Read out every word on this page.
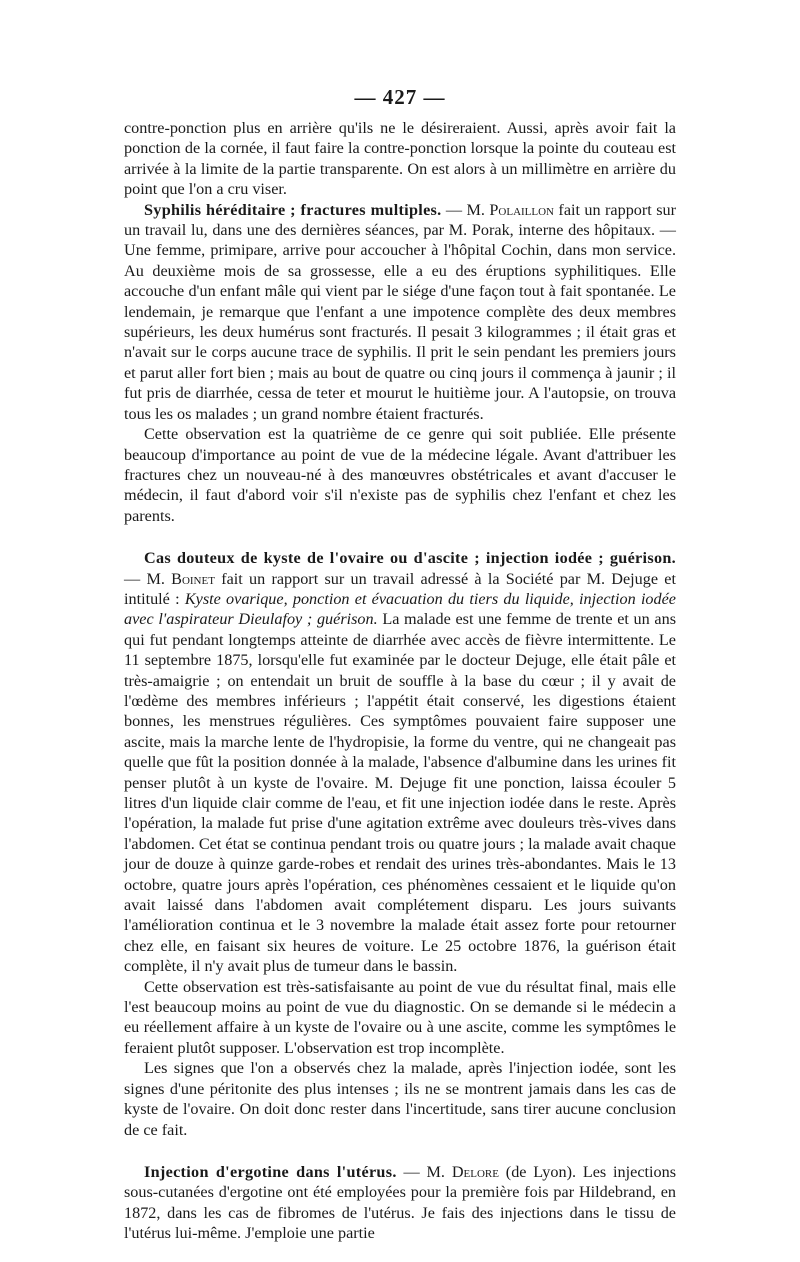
— 427 —

contre-ponction plus en arrière qu'ils ne le désireraient. Aussi, après avoir fait la ponction de la cornée, il faut faire la contre-ponction lorsque la pointe du couteau est arrivée à la limite de la partie transparente. On est alors à un millimètre en arrière du point que l'on a cru viser.

Syphilis héréditaire ; fractures multiples. — M. Polaillon fait un rapport sur un travail lu, dans une des dernières séances, par M. Porak, interne des hôpitaux. — Une femme, primipare, arrive pour accoucher à l'hôpital Cochin, dans mon service. Au deuxième mois de sa grossesse, elle a eu des éruptions syphilitiques. Elle accouche d'un enfant mâle qui vient par le siége d'une façon tout à fait spontanée. Le lendemain, je remarque que l'enfant a une impotence complète des deux membres supérieurs, les deux humérus sont fracturés. Il pesait 3 kilogrammes ; il était gras et n'avait sur le corps aucune trace de syphilis. Il prit le sein pendant les premiers jours et parut aller fort bien ; mais au bout de quatre ou cinq jours il commença à jaunir ; il fut pris de diarrhée, cessa de teter et mourut le huitième jour. A l'autopsie, on trouva tous les os malades ; un grand nombre étaient fracturés.

Cette observation est la quatrième de ce genre qui soit publiée. Elle présente beaucoup d'importance au point de vue de la médecine légale. Avant d'attribuer les fractures chez un nouveau-né à des manœuvres obstétricales et avant d'accuser le médecin, il faut d'abord voir s'il n'existe pas de syphilis chez l'enfant et chez les parents.

Cas douteux de kyste de l'ovaire ou d'ascite ; injection iodée ; guérison. — M. Boinet fait un rapport sur un travail adressé à la Société par M. Dejuge et intitulé : Kyste ovarique, ponction et évacuation du tiers du liquide, injection iodée avec l'aspirateur Dieulafoy ; guérison. La malade est une femme de trente et un ans qui fut pendant longtemps atteinte de diarrhée avec accès de fièvre intermittente. Le 11 septembre 1875, lorsqu'elle fut examinée par le docteur Dejuge, elle était pâle et très-amaigrie ; on entendait un bruit de souffle à la base du cœur ; il y avait de l'œdème des membres inférieurs ; l'appétit était conservé, les digestions étaient bonnes, les menstrues régulières. Ces symptômes pouvaient faire supposer une ascite, mais la marche lente de l'hydropisie, la forme du ventre, qui ne changeait pas quelle que fût la position donnée à la malade, l'absence d'albumine dans les urines fit penser plutôt à un kyste de l'ovaire. M. Dejuge fit une ponction, laissa écouler 5 litres d'un liquide clair comme de l'eau, et fit une injection iodée dans le reste. Après l'opération, la malade fut prise d'une agitation extrême avec douleurs très-vives dans l'abdomen. Cet état se continua pendant trois ou quatre jours ; la malade avait chaque jour de douze à quinze garde-robes et rendait des urines très-abondantes. Mais le 13 octobre, quatre jours après l'opération, ces phénomènes cessaient et le liquide qu'on avait laissé dans l'abdomen avait complétement disparu. Les jours suivants l'amélioration continua et le 3 novembre la malade était assez forte pour retourner chez elle, en faisant six heures de voiture. Le 25 octobre 1876, la guérison était complète, il n'y avait plus de tumeur dans le bassin.

Cette observation est très-satisfaisante au point de vue du résultat final, mais elle l'est beaucoup moins au point de vue du diagnostic. On se demande si le médecin a eu réellement affaire à un kyste de l'ovaire ou à une ascite, comme les symptômes le feraient plutôt supposer. L'observation est trop incomplète.

Les signes que l'on a observés chez la malade, après l'injection iodée, sont les signes d'une péritonite des plus intenses ; ils ne se montrent jamais dans les cas de kyste de l'ovaire. On doit donc rester dans l'incertitude, sans tirer aucune conclusion de ce fait.

Injection d'ergotine dans l'utérus. — M. Delore (de Lyon). Les injections sous-cutanées d'ergotine ont été employées pour la première fois par Hildebrand, en 1872, dans les cas de fibromes de l'utérus. Je fais des injections dans le tissu de l'utérus lui-même. J'emploie une partie
